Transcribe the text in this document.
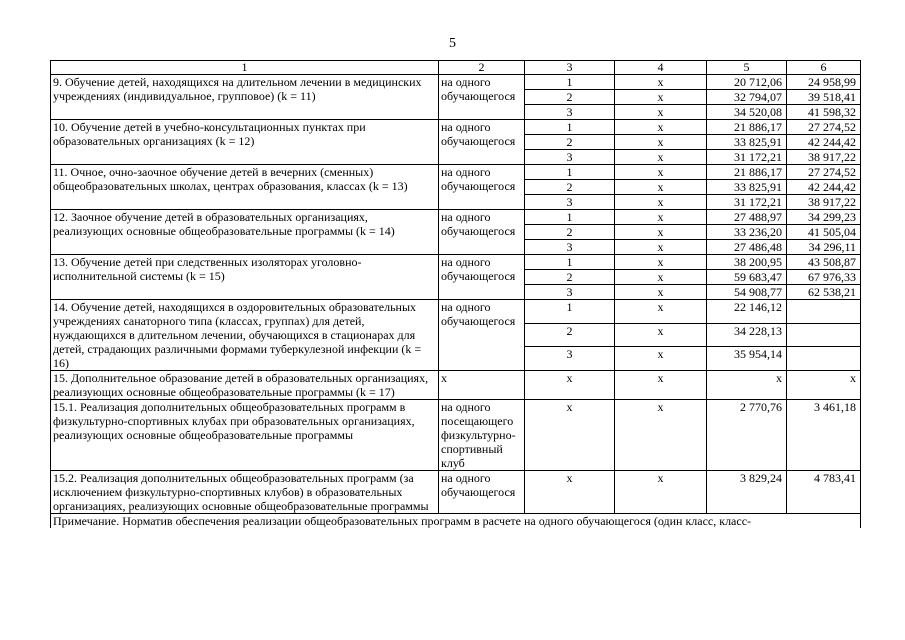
5
1	2	3	4	5	6
9. Обучение детей, находящихся на длительном лечении в медицинских учреждениях (индивидуальное, групповое) (k = 11)	на одного обучающегося	1	x	20 712,06	24 958,99
		2	x	32 794,07	39 518,41
		3	x	34 520,08	41 598,32
10. Обучение детей в учебно-консультационных пунктах при образовательных организациях (k = 12)	на одного обучающегося	1	x	21 886,17	27 274,52
		2	x	33 825,91	42 244,42
		3	x	31 172,21	38 917,22
11. Очное, очно-заочное обучение детей в вечерних (сменных) общеобразовательных школах, центрах образования, классах (k = 13)	на одного обучающегося	1	x	21 886,17	27 274,52
		2	x	33 825,91	42 244,42
		3	x	31 172,21	38 917,22
12. Заочное обучение детей в образовательных организациях, реализующих основные общеобразовательные программы (k = 14)	на одного обучающегося	1	x	27 488,97	34 299,23
		2	x	33 236,20	41 505,04
		3	x	27 486,48	34 296,11
13. Обучение детей при следственных изоляторах уголовно-исполнительной системы (k = 15)	на одного обучающегося	1	x	38 200,95	43 508,87
		2	x	59 683,47	67 976,33
		3	x	54 908,77	62 538,21
14. Обучение детей, находящихся в оздоровительных образовательных учреждениях санаторного типа (классах, группах) для детей, нуждающихся в длительном лечении, обучающихся в стационарах для детей, страдающих различными формами туберкулезной инфекции (k = 16)	на одного обучающегося	1	x	22 146,12	
		2	x	34 228,13	
		3	x	35 954,14	
15. Дополнительное образование детей в образовательных организациях, реализующих основные общеобразовательные программы (k = 17)	x	x	x	x	x
15.1. Реализация дополнительных общеобразовательных программ в физкультурно-спортивных клубах при образовательных организациях, реализующих основные общеобразовательные программы	на одного посещающего физкультурно-спортивный клуб	x	x	2 770,76	3 461,18
15.2. Реализация дополнительных общеобразовательных программ (за исключением физкультурно-спортивных клубов) в образовательных организациях, реализующих основные общеобразовательные программы	на одного обучающегося	x	x	3 829,24	4 783,41
Примечание. Норматив обеспечения реализации общеобразовательных программ в расчете на одного обучающегося (один класс, класс-					
